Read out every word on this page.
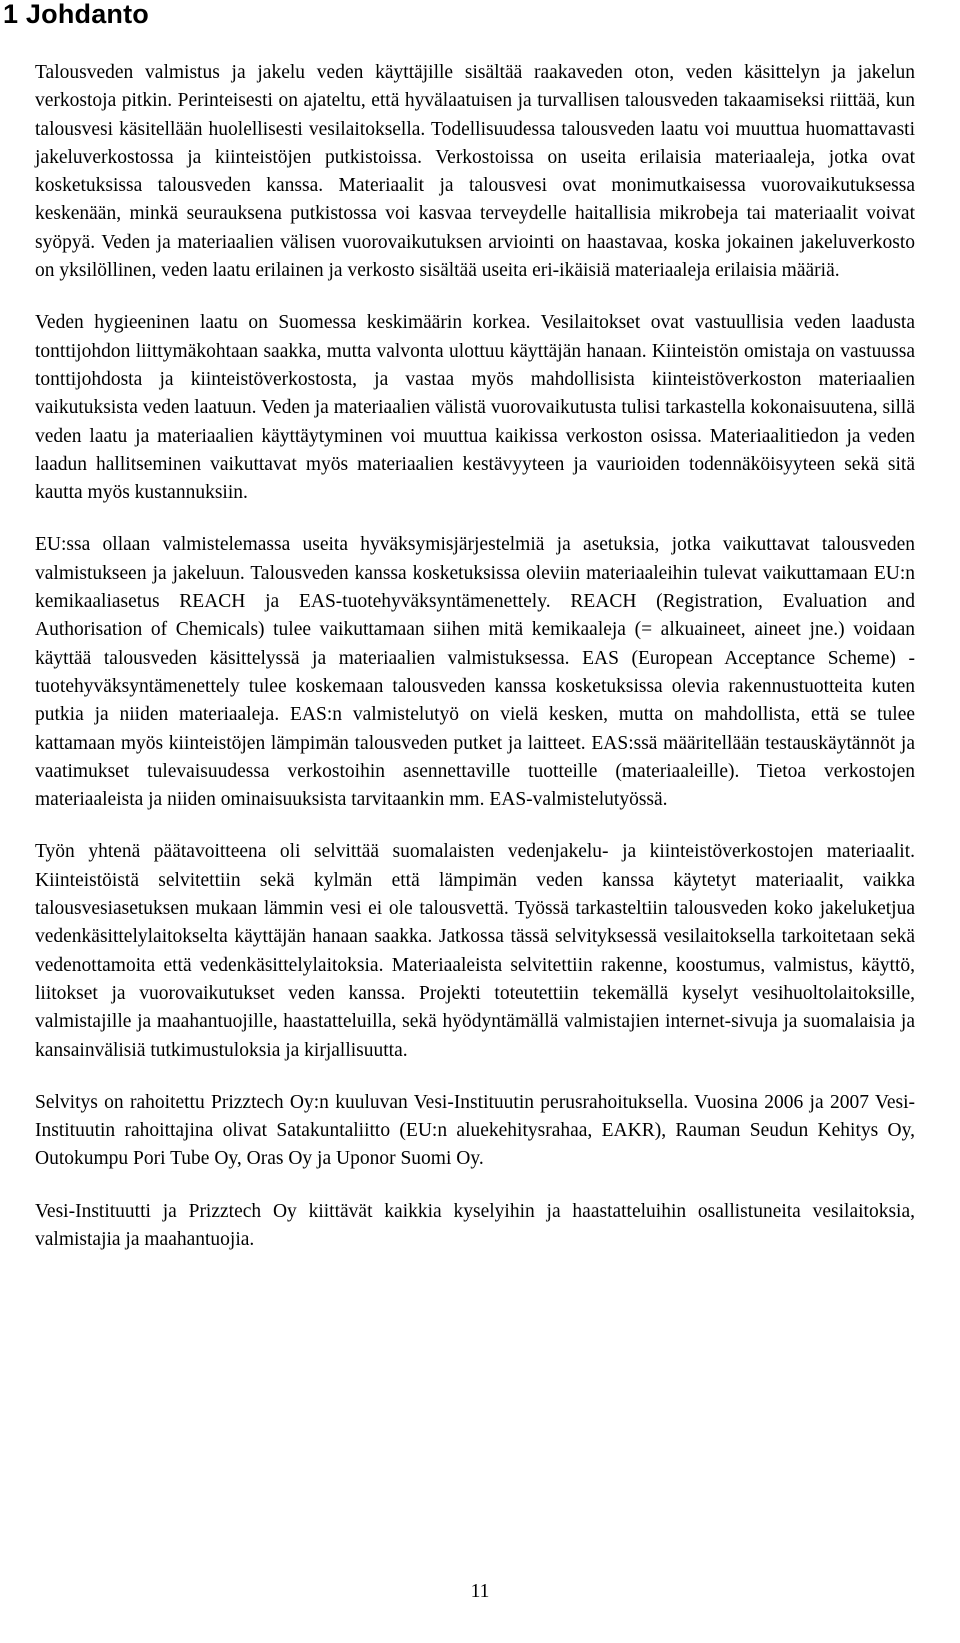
1 Johdanto

Talousveden valmistus ja jakelu veden käyttäjille sisältää raakaveden oton, veden käsittelyn ja jakelun verkostoja pitkin. Perinteisesti on ajateltu, että hyvälaatuisen ja turvallisen talousveden takaamiseksi riittää, kun talousvesi käsitellään huolellisesti vesilaitoksella. Todellisuudessa talousveden laatu voi muuttua huomattavasti jakeluverkostossa ja kiinteistöjen putkistoissa. Verkostoissa on useita erilaisia materiaaleja, jotka ovat kosketuksissa talousveden kanssa. Materiaalit ja talousvesi ovat monimutkaisessa vuorovaikutuksessa keskenään, minkä seurauksena putkistossa voi kasvaa terveydelle haitallisia mikrobeja tai materiaalit voivat syöpyä. Veden ja materiaalien välisen vuorovaikutuksen arviointi on haastavaa, koska jokainen jakeluverkosto on yksilöllinen, veden laatu erilainen ja verkosto sisältää useita eri-ikäisiä materiaaleja erilaisia määriä.

Veden hygieeninen laatu on Suomessa keskimäärin korkea. Vesilaitokset ovat vastuullisia veden laadusta tonttijohdon liittymäkohtaan saakka, mutta valvonta ulottuu käyttäjän hanaan. Kiinteistön omistaja on vastuussa tonttijohdosta ja kiinteistöverkostosta, ja vastaa myös mahdollisista kiinteistöverkoston materiaalien vaikutuksista veden laatuun. Veden ja materiaalien välistä vuorovaikutusta tulisi tarkastella kokonaisuutena, sillä veden laatu ja materiaalien käyttäytyminen voi muuttua kaikissa verkoston osissa. Materiaalitiedon ja veden laadun hallitseminen vaikuttavat myös materiaalien kestävyyteen ja vaurioiden todennäköisyyteen sekä sitä kautta myös kustannuksiin.

EU:ssa ollaan valmistelemassa useita hyväksymisjärjestelmiä ja asetuksia, jotka vaikuttavat talousveden valmistukseen ja jakeluun. Talousveden kanssa kosketuksissa oleviin materiaaleihin tulevat vaikuttamaan EU:n kemikaaliasetus REACH ja EAS-tuotehyväksyntämenettely. REACH (Registration, Evaluation and Authorisation of Chemicals) tulee vaikuttamaan siihen mitä kemikaaleja (= alkuaineet, aineet jne.) voidaan käyttää talousveden käsittelyssä ja materiaalien valmistuksessa. EAS (European Acceptance Scheme) -tuotehyväksyntämenettely tulee koskemaan talousveden kanssa kosketuksissa olevia rakennustuotteita kuten putkia ja niiden materiaaleja. EAS:n valmistelutyö on vielä kesken, mutta on mahdollista, että se tulee kattamaan myös kiinteistöjen lämpimän talousveden putket ja laitteet. EAS:ssä määritellään testauskäytännöt ja vaatimukset tulevaisuudessa verkostoihin asennettaville tuotteille (materiaaleille). Tietoa verkostojen materiaaleista ja niiden ominaisuuksista tarvitaankin mm. EAS-valmistelutyössä.

Työn yhtenä päätavoitteena oli selvittää suomalaisten vedenjakelu- ja kiinteistöverkostojen materiaalit. Kiinteistöistä selvitettiin sekä kylmän että lämpimän veden kanssa käytetyt materiaalit, vaikka talousvesiasetuksen mukaan lämmin vesi ei ole talousvettä. Työssä tarkasteltiin talousveden koko jakeluketjua vedenkäsittelylaitokselta käyttäjän hanaan saakka. Jatkossa tässä selvityksessä vesilaitoksella tarkoitetaan sekä vedenottamoita että vedenkäsittelylaitoksia. Materiaaleista selvitettiin rakenne, koostumus, valmistus, käyttö, liitokset ja vuorovaikutukset veden kanssa. Projekti toteutettiin tekemällä kyselyt vesihuoltolaitoksille, valmistajille ja maahantuojille, haastatteluilla, sekä hyödyntämällä valmistajien internet-sivuja ja suomalaisia ja kansainvälisiä tutkimustuloksia ja kirjallisuutta.

Selvitys on rahoitettu Prizztech Oy:n kuuluvan Vesi-Instituutin perusrahoituksella. Vuosina 2006 ja 2007 Vesi-Instituutin rahoittajina olivat Satakuntaliitto (EU:n aluekehitysrahaa, EAKR), Rauman Seudun Kehitys Oy, Outokumpu Pori Tube Oy, Oras Oy ja Uponor Suomi Oy.

Vesi-Instituutti ja Prizztech Oy kiittävät kaikkia kyselyihin ja haastatteluihin osallistuneita vesilaitoksia, valmistajia ja maahantuojia.

11
